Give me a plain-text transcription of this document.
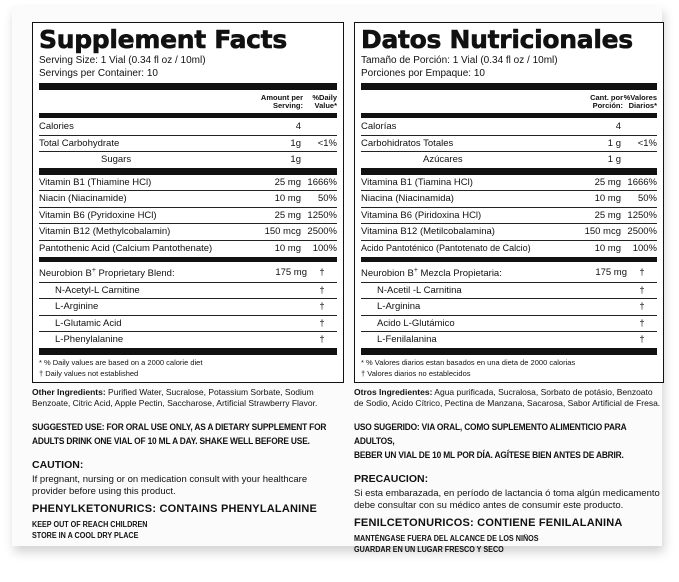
Supplement Facts
Serving Size: 1 Vial (0.34 fl oz / 10ml)
Servings per Container: 10
Amount per
Serving:
%Daily
Value*
Calories	4
Total Carbohydrate	1g	<1%
Sugars	1g
Vitamin B1 (Thiamine HCl)	25 mg 1666%
Niacin (Niacinamide)	10 mg	50%
Vitamin B6 (Pyridoxine HCl)	25 mg 1250%
Vitamin B12 (Methylcobalamin)	150 mcg 2500%
Pantothenic Acid (Calcium Pantothenate)	10 mg	100%
Neurobion B+ Proprietary Blend:	175 mg	†
N-Acetyl-L Carnitine	†
L-Arginine	†
L-Glutamic Acid	†
L-Phenylalanine	†
* % Daily values are based on a 2000 calorie diet
† Daily values not established
Other Ingredients: Purified Water, Sucralose, Potassium Sorbate, Sodium Benzoate, Citric Acid, Apple Pectin, Saccharose, Artificial Strawberry Flavor.
SUGGESTED USE: FOR ORAL USE ONLY, AS A DIETARY SUPPLEMENT FOR
ADULTS DRINK ONE VIAL OF 10 ML A DAY. SHAKE WELL BEFORE USE.
CAUTION:
If pregnant, nursing or on medication consult with your healthcare provider before using this product.
PHENYLKETONURICS: CONTAINS PHENYLALANINE
KEEP OUT OF REACH CHILDREN
STORE IN A COOL DRY PLACE
Datos Nutricionales
Tamaño de Porción: 1 Vial (0.34 fl oz / 10ml)
Porciones por Empaque: 10
Cant. por
Porción:
%Valores
Diarios*
Calorías	4
Carbohidratos Totales	1 g	<1%
Azúcares	1 g
Vitamina B1 (Tiamina HCl)	25 mg 1666%
Niacina (Niacinamida)	10 mg	50%
Vitamina B6 (Piridoxina HCl)	25 mg 1250%
Vitamina B12 (Metilcobalamina)	150 mcg 2500%
Acido Pantoténico (Pantotenato de Calcio)	10 mg	100%
Neurobion B+ Mezcla Propietaria:	175 mg	†
N-Acetil -L Carnitina	†
L-Arginina	†
Acido L-Glutámico	†
L-Fenilalanina	†
* % Valores diarios estan basados en una dieta de 2000 calorias
† Valores diarios no establecidos
Otros Ingredientes: Agua purificada, Sucralosa, Sorbato de potásio, Benzoato de Sodio, Acido Cítrico, Pectina de Manzana, Sacarosa, Sabor Artificial de Fresa.
USO SUGERIDO: VIA ORAL, COMO SUPLEMENTO ALIMENTICIO PARA ADULTOS,
BEBER UN VIAL DE 10 ML POR DÍA. AGÍTESE BIEN ANTES DE ABRIR.
PRECAUCION:
Si esta embarazada, en período de lactancia ó toma algún medicamento debe consultar con su médico antes de consumir este producto.
FENILCETONURICOS: CONTIENE FENILALANINA
MANTÉNGASE FUERA DEL ALCANCE DE LOS NIÑOS
GUARDAR EN UN LUGAR FRESCO Y SECO
